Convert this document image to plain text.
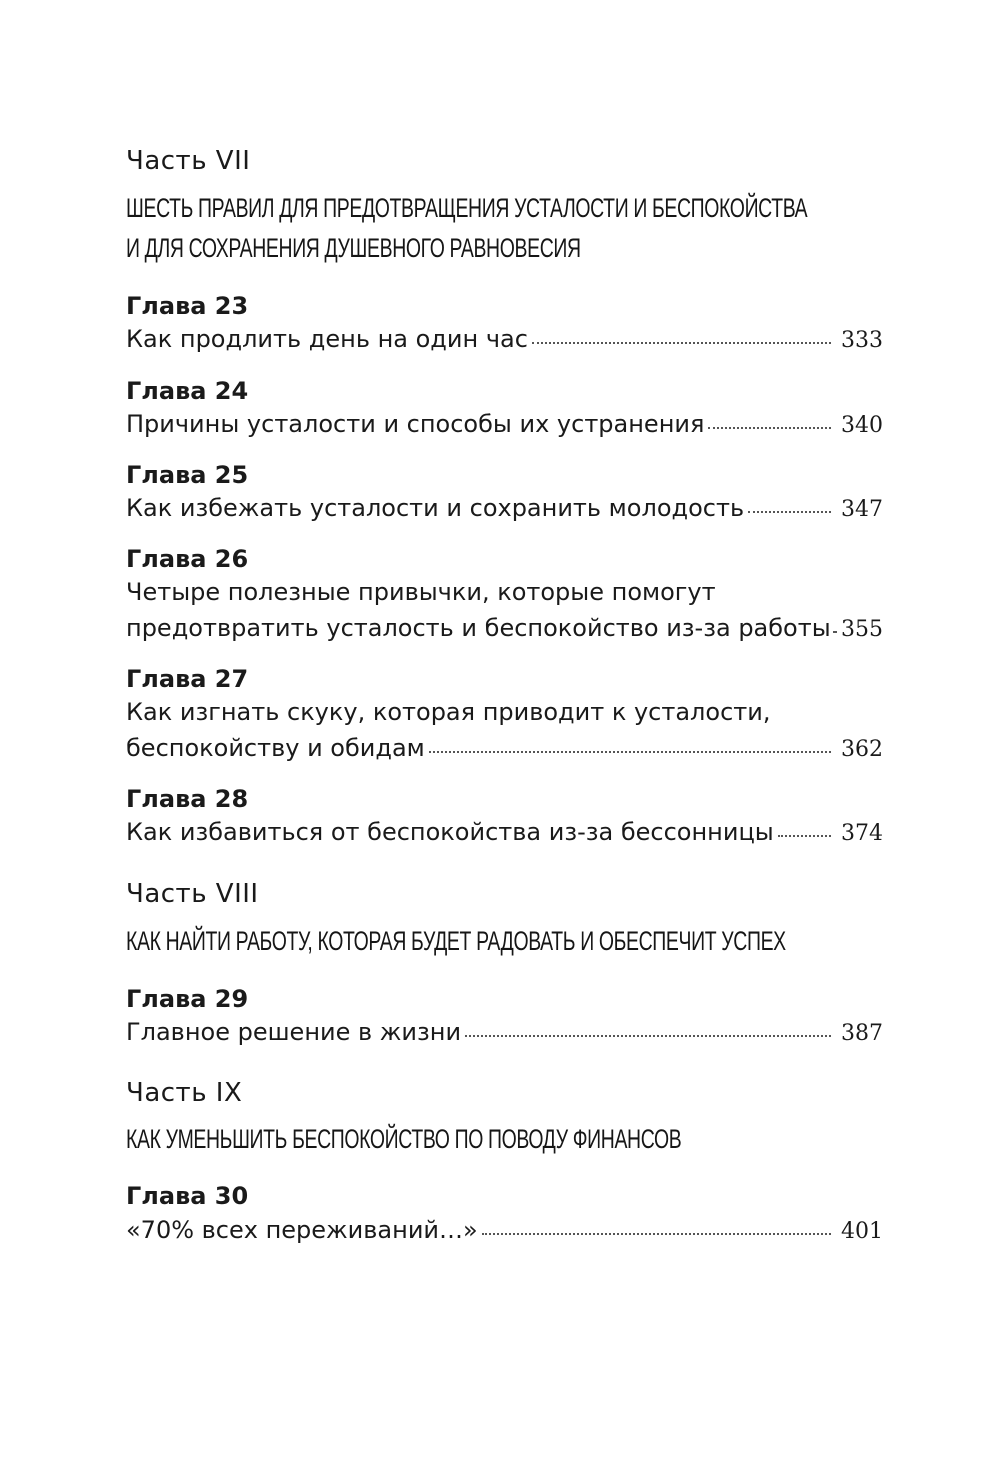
Часть VII
ШЕСТЬ ПРАВИЛ ДЛЯ ПРЕДОТВРАЩЕНИЯ УСТАЛОСТИ И БЕСПОКОЙСТВА
И ДЛЯ СОХРАНЕНИЯ ДУШЕВНОГО РАВНОВЕСИЯ
Глава 23
Как продлить день на один час	333
Глава 24
Причины усталости и способы их устранения	340
Глава 25
Как избежать усталости и сохранить молодость	347
Глава 26
Четыре полезные привычки, которые помогут
предотвратить усталость и беспокойство из-за работы 355
Глава 27
Как изгнать скуку, которая приводит к усталости,
беспокойству и обидам	362
Глава 28
Как избавиться от беспокойства из-за бессонницы	374
Часть VIII
КАК НАЙТИ РАБОТУ, КОТОРАЯ БУДЕТ РАДОВАТЬ И ОБЕСПЕЧИТ УСПЕХ
Глава 29
Главное решение в жизни	387
Часть IX
КАК УМЕНЬШИТЬ БЕСПОКОЙСТВО ПО ПОВОДУ ФИНАНСОВ
Глава 30
«70% всех переживаний…»	401
